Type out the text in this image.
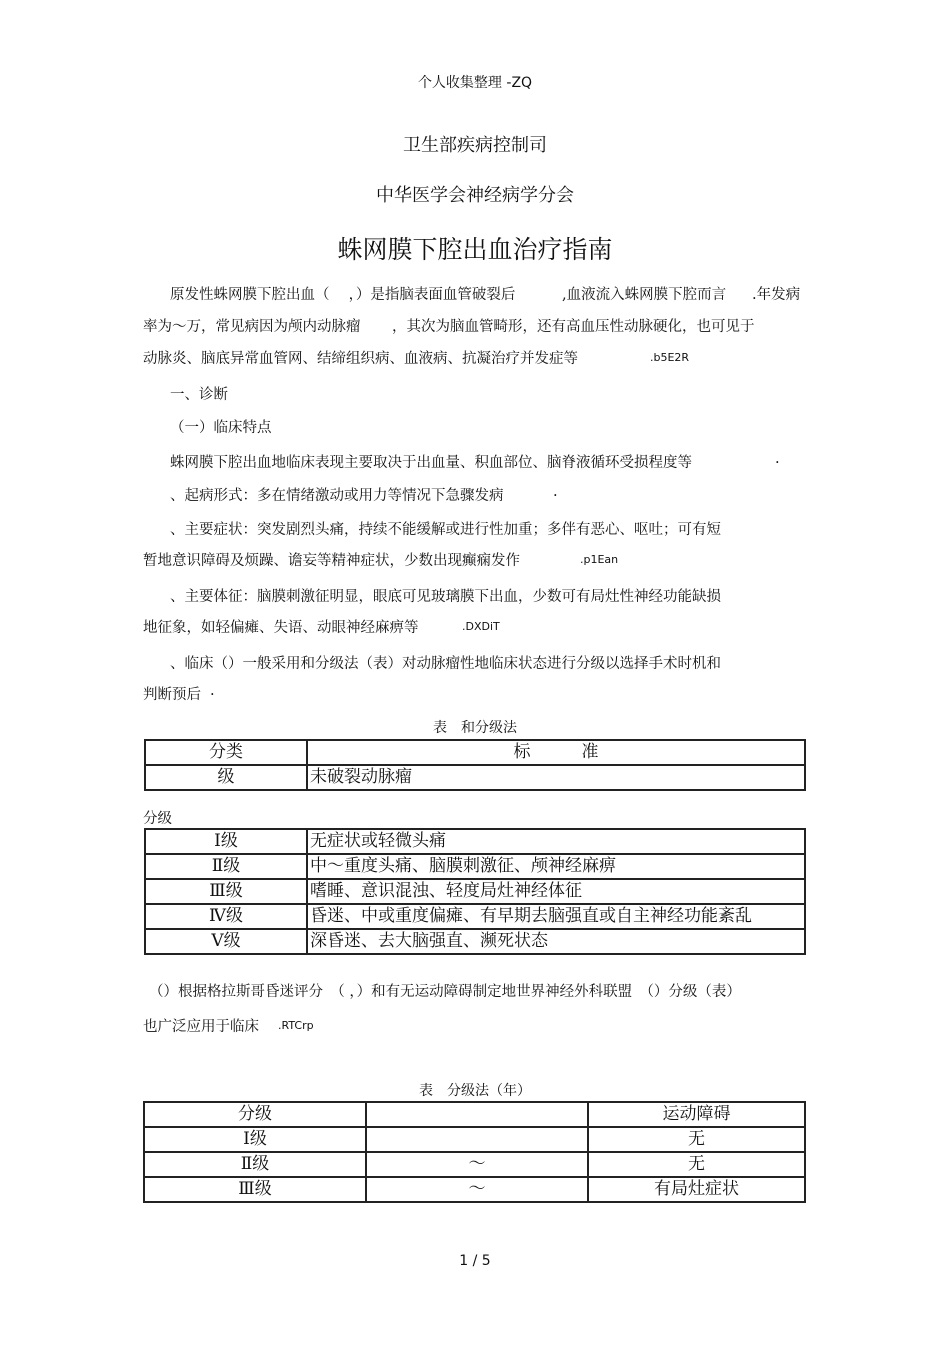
个人收集整理 -ZQ
卫生部疾病控制司
中华医学会神经病学分会
蛛网膜下腔出血治疗指南
原发性蛛网膜下腔出血（　 ，）是指脑表面血管破裂后	,血液流入蛛网膜下腔而言 .年发病
率为～万，常见病因为颅内动脉瘤 ，其次为脑血管畸形，还有高血压性动脉硬化，也可见于
动脉炎、脑底异常血管网、结缔组织病、血液病、抗凝治疗并发症等	.b5E2R
一、诊断
（一）临床特点
蛛网膜下腔出血地临床表现主要取决于出血量、积血部位、脑脊液循环受损程度等	.
、起病形式：多在情绪激动或用力等情况下急骤发病	.
、主要症状：突发剧烈头痛，持续不能缓解或进行性加重；多伴有恶心、呕吐；可有短
暂地意识障碍及烦躁、谵妄等精神症状，少数出现癫痫发作	.p1Ean
、主要体征：脑膜刺激征明显，眼底可见玻璃膜下出血，少数可有局灶性神经功能缺损
地征象，如轻偏瘫、失语、动眼神经麻痹等	.DXDiT
、临床（）一般采用和分级法（表）对动脉瘤性地临床状态进行分级以选择手术时机和
判断预后 .
表　和分级法
分类	标　　　准
级	未破裂动脉瘤
分级
Ⅰ级	无症状或轻微头痛
Ⅱ级	中～重度头痛、脑膜刺激征、颅神经麻痹
Ⅲ级	嗜睡、意识混浊、轻度局灶神经体征
Ⅳ级	昏迷、中或重度偏瘫、有早期去脑强直或自主神经功能紊乱
Ⅴ级	深昏迷、去大脑强直、濒死状态
（）根据格拉斯哥昏迷评分　（ ，）和有无运动障碍制定地世界神经外科联盟　（）分级（表）
也广泛应用于临床 .RTCrp
表　分级法（年）
分级		运动障碍
Ⅰ级		无
Ⅱ级	～	无
Ⅲ级	～	有局灶症状
1 / 5
